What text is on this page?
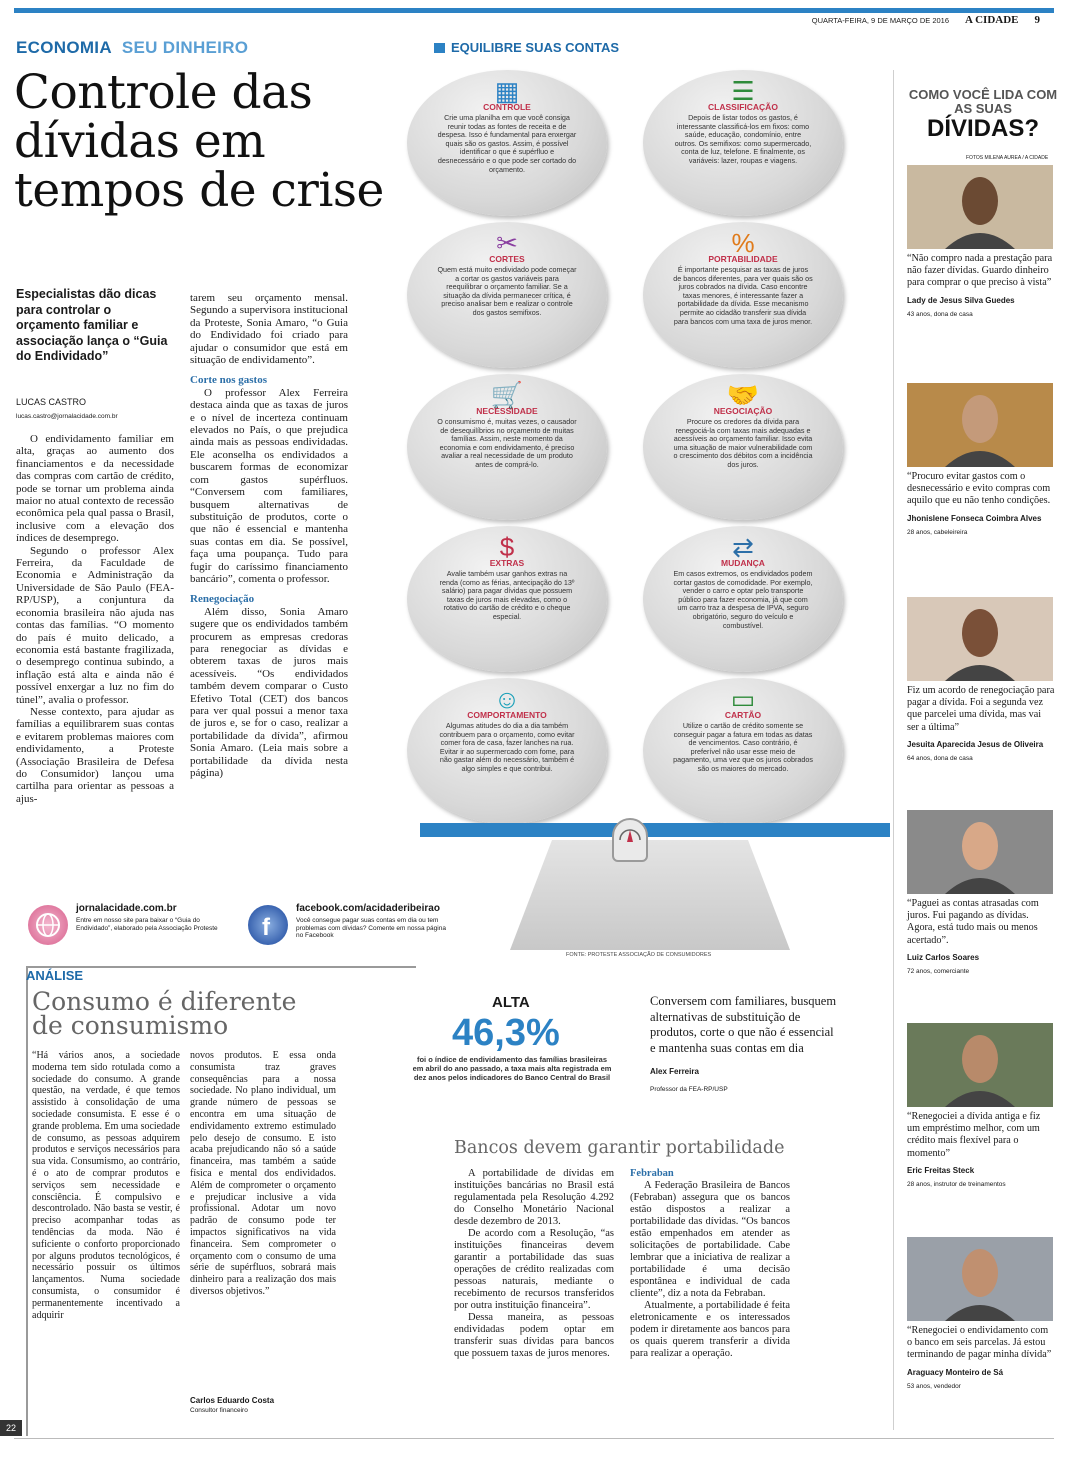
QUARTA-FEIRA, 9 DE MARÇO DE 2016 A CIDADE 9
ECONOMIA SEU DINHEIRO
Controle das dívidas em tempos de crise
Especialistas dão dicas para controlar o orçamento familiar e associação lança o “Guia do Endividado”
LUCAS CASTRO
lucas.castro@jornalacidade.com.br

O endividamento familiar em alta, graças ao aumento dos financiamentos e da necessidade das compras com cartão de crédito, pode se tornar um problema ainda maior no atual contexto de recessão econômica pela qual passa o Brasil, inclusive com a elevação dos índices de desemprego.

Segundo o professor Alex Ferreira, da Faculdade de Economia e Administração da Universidade de São Paulo (FEA-RP/USP), a conjuntura da economia brasileira não ajuda nas contas das famílias. “O momento do país é muito delicado, a economia está bastante fragilizada, o desemprego continua subindo, a inflação está alta e ainda não é possível enxergar a luz no fim do túnel”, avalia o professor.

Nesse contexto, para ajudar as famílias a equilibrarem suas contas e evitarem problemas maiores com endividamento, a Proteste (Associação Brasileira de Defesa do Consumidor) lançou uma cartilha para orientar as pessoas a ajus-

tarem seu orçamento mensal. Segundo a supervisora institucional da Proteste, Sonia Amaro, “o Guia do Endividado foi criado para ajudar o consumidor que está em situação de endividamento”.

Corte nos gastos

O professor Alex Ferreira destaca ainda que as taxas de juros e o nível de incerteza continuam elevados no País, o que prejudica ainda mais as pessoas endividadas. Ele aconselha os endividados a buscarem formas de economizar com gastos supérfluos. “Conversem com familiares, busquem alternativas de substituição de produtos, corte o que não é essencial e mantenha suas contas em dia. Se possível, faça uma poupança. Tudo para fugir do caríssimo financiamento bancário”, comenta o professor.

Renegociação

Além disso, Sonia Amaro sugere que os endividados também procurem as empresas credoras para renegociar as dívidas e obterem taxas de juros mais acessíveis. “Os endividados também devem comparar o Custo Efetivo Total (CET) dos bancos para ver qual possui a menor taxa de juros e, se for o caso, realizar a portabilidade da dívida”, afirmou Sonia Amaro. (Leia mais sobre a portabilidade da dívida nesta página)

jornalacidade.com.br
Entre em nosso site para baixar o “Guia do Endividado”, elaborado pela Associação Proteste	f
facebook.com/acidaderibeirao
Você consegue pagar suas contas em dia ou tem problemas com dívidas? Comente em nossa página no Facebook
EQUILIBRE SUAS CONTAS
▦
CONTROLE
Crie uma planilha em que você consiga reunir todas as fontes de receita e de despesa. Isso é fundamental para enxergar quais são os gastos. Assim, é possível identificar o que é supérfluo e desnecessário e o que pode ser cortado do orçamento.
☰
CLASSIFICAÇÃO
Depois de listar todos os gastos, é interessante classificá-los em fixos: como saúde, educação, condomínio, entre outros. Os semifixos: como supermercado, conta de luz, telefone. E finalmente, os variáveis: lazer, roupas e viagens.
✂
CORTES
Quem está muito endividado pode começar a cortar os gastos variáveis para reequilibrar o orçamento familiar. Se a situação da dívida permanecer crítica, é preciso analisar bem e realizar o controle dos gastos semifixos.
%
PORTABILIDADE
É importante pesquisar as taxas de juros de bancos diferentes, para ver quais são os juros cobrados na dívida. Caso encontre taxas menores, é interessante fazer a portabilidade da dívida. Esse mecanismo permite ao cidadão transferir sua dívida para bancos com uma taxa de juros menor.
🛒
NECESSIDADE
O consumismo é, muitas vezes, o causador de desequilíbrios no orçamento de muitas famílias. Assim, neste momento da economia e com endividamento, é preciso avaliar a real necessidade de um produto antes de comprá-lo.
🤝
NEGOCIAÇÃO
Procure os credores da dívida para renegociá-la com taxas mais adequadas e acessíveis ao orçamento familiar. Isso evita uma situação de maior vulnerabilidade com o crescimento dos débitos com a incidência dos juros.
$
EXTRAS
Avalie também usar ganhos extras na renda (como as férias, antecipação do 13º salário) para pagar dívidas que possuem taxas de juros mais elevadas, como o rotativo do cartão de crédito e o cheque especial.
⇄
MUDANÇA
Em casos extremos, os endividados podem cortar gastos de comodidade. Por exemplo, vender o carro e optar pelo transporte público para fazer economia, já que com um carro traz a despesa de IPVA, seguro obrigatório, seguro do veículo e combustível.
☺
COMPORTAMENTO
Algumas atitudes do dia a dia também contribuem para o orçamento, como evitar comer fora de casa, fazer lanches na rua. Evitar ir ao supermercado com fome, para não gastar além do necessário, também é algo simples e que contribui.
▭
CARTÃO
Utilize o cartão de crédito somente se conseguir pagar a fatura em todas as datas de vencimentos. Caso contrário, é preferível não usar esse meio de pagamento, uma vez que os juros cobrados são os maiores do mercado.
FONTE: PROTESTE ASSOCIAÇÃO DE CONSUMIDORES
COMO VOCÊ LIDA COM AS SUAS
DÍVIDAS?
FOTOS MILENA AUREA / A CIDADE
“Não compro nada a prestação para não fazer dívidas. Guardo dinheiro para comprar o que preciso à vista”
Lady de Jesus Silva Guedes
43 anos, dona de casa
“Procuro evitar gastos com o desnecessário e evito compras com aquilo que eu não tenho condições.
Jhonislene Fonseca Coimbra Alves
28 anos, cabeleireira
Fiz um acordo de renegociação para pagar a dívida. Foi a segunda vez que parcelei uma dívida, mas vai ser a última”
Jesuita Aparecida Jesus de Oliveira
64 anos, dona de casa
“Paguei as contas atrasadas com juros. Fui pagando as dívidas. Agora, está tudo mais ou menos acertado”.
Luiz Carlos Soares
72 anos, comerciante
“Renegociei a dívida antiga e fiz um empréstimo melhor, com um crédito mais flexível para o momento”
Eric Freitas Steck
28 anos, instrutor de treinamentos
“Renegociei o endividamento com o banco em seis parcelas. Já estou terminando de pagar minha dívida”
Araguacy Monteiro de Sá
53 anos, vendedor
ANÁLISE
Consumo é diferente de consumismo
“Há vários anos, a sociedade moderna tem sido rotulada como a sociedade do consumo. A grande questão, na verdade, é que temos assistido à consolidação de uma sociedade consumista. E esse é o grande problema. Em uma sociedade de consumo, as pessoas adquirem produtos e serviços necessários para sua vida. Consumismo, ao contrário, é o ato de comprar produtos e serviços sem necessidade e consciência. É compulsivo e descontrolado. Não basta se vestir, é preciso acompanhar todas as tendências da moda. Não é suficiente o conforto proporcionado por alguns produtos tecnológicos, é necessário possuir os últimos lançamentos. Numa sociedade consumista, o consumidor é permanentemente incentivado a adquirir
novos produtos. E essa onda consumista traz graves consequências para a nossa sociedade. No plano individual, um grande número de pessoas se encontra em uma situação de endividamento extremo estimulado pelo desejo de consumo. E isto acaba prejudicando não só a saúde financeira, mas também a saúde física e mental dos endividados. Além de comprometer o orçamento e prejudicar inclusive a vida profissional. Adotar um novo padrão de consumo pode ter impactos significativos na vida financeira. Sem comprometer o orçamento com o consumo de uma série de supérfluos, sobrará mais dinheiro para a realização dos mais diversos objetivos.”
Carlos Eduardo Costa
Consultor financeiro
ALTA
46,3%
foi o índice de endividamento das famílias brasileiras em abril do ano passado, a taxa mais alta registrada em dez anos pelos indicadores do Banco Central do Brasil
Conversem com familiares, busquem alternativas de substituição de produtos, corte o que não é essencial e mantenha suas contas em dia
Alex Ferreira
Professor da FEA-RP/USP
Bancos devem garantir portabilidade

A portabilidade de dívidas em instituições bancárias no Brasil está regulamentada pela Resolução 4.292 do Conselho Monetário Nacional desde dezembro de 2013.

De acordo com a Resolução, “as instituições financeiras devem garantir a portabilidade das suas operações de crédito realizadas com pessoas naturais, mediante o recebimento de recursos transferidos por outra instituição financeira”.

Dessa maneira, as pessoas endividadas podem optar em transferir suas dívidas para bancos que possuem taxas de juros menores.

Febraban

A Federação Brasileira de Bancos (Febraban) assegura que os bancos estão dispostos a realizar a portabilidade das dívidas. “Os bancos estão empenhados em atender as solicitações de portabilidade. Cabe lembrar que a iniciativa de realizar a portabilidade é uma decisão espontânea e individual de cada cliente”, diz a nota da Febraban.

Atualmente, a portabilidade é feita eletronicamente e os interessados podem ir diretamente aos bancos para os quais querem transferir a dívida para realizar a operação.

22
